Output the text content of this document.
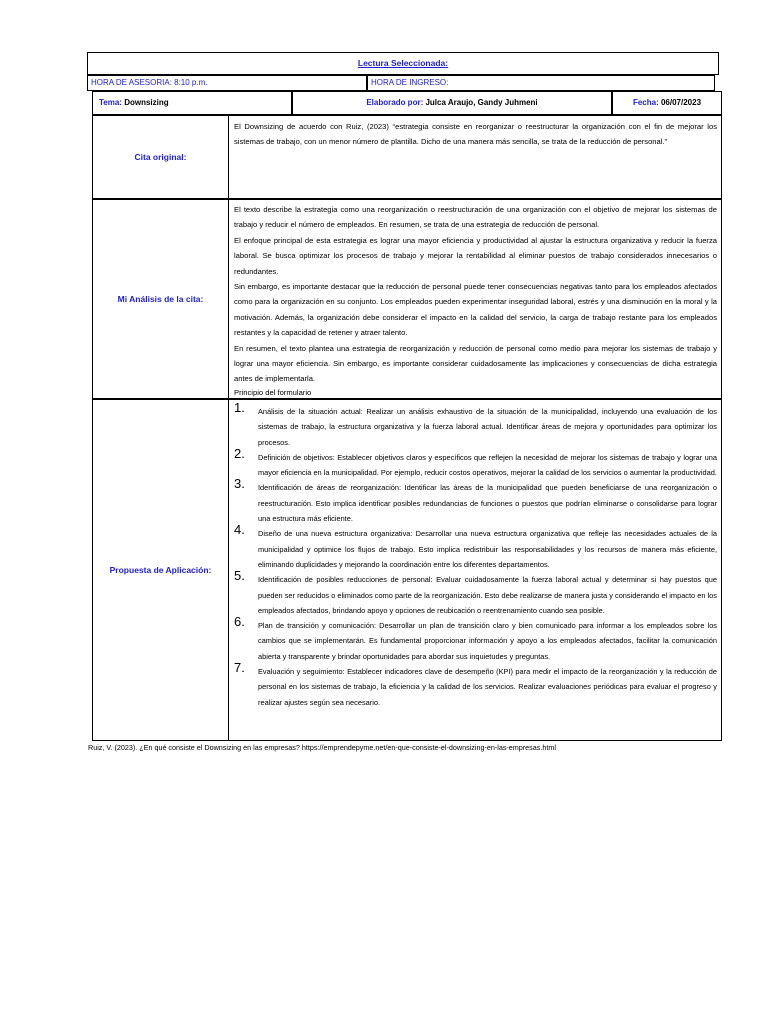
Lectura Seleccionada:
HORA DE ASESORIA: 8:10 p.m.	HORA DE INGRESO:
Tema: Downsizing	Elaborado por: Julca Araujo, Gandy Juhmeni	Fecha: 06/07/2023
Cita original:

El Downsizing de acuerdo con Ruiz, (2023) “estrategia consiste en reorganizar o reestructurar la organización con el fin de mejorar los sistemas de trabajo, con un menor número de plantilla. Dicho de una manera más sencilla, se trata de la reducción de personal.”

Mi Análisis de la cita:

El texto describe la estrategia como una reorganización o reestructuración de una organización con el objetivo de mejorar los sistemas de trabajo y reducir el número de empleados. En resumen, se trata de una estrategia de reducción de personal.

El enfoque principal de esta estrategia es lograr una mayor eficiencia y productividad al ajustar la estructura organizativa y reducir la fuerza laboral. Se busca optimizar los procesos de trabajo y mejorar la rentabilidad al eliminar puestos de trabajo considerados innecesarios o redundantes.

Sin embargo, es importante destacar que la reducción de personal puede tener consecuencias negativas tanto para los empleados afectados como para la organización en su conjunto. Los empleados pueden experimentar inseguridad laboral, estrés y una disminución en la moral y la motivación. Además, la organización debe considerar el impacto en la calidad del servicio, la carga de trabajo restante para los empleados restantes y la capacidad de retener y atraer talento.

En resumen, el texto plantea una estrategia de reorganización y reducción de personal como medio para mejorar los sistemas de trabajo y lograr una mayor eficiencia. Sin embargo, es importante considerar cuidadosamente las implicaciones y consecuencias de dicha estrategia antes de implementarla.

Principio del formulario

Propuesta de Aplicación:
1. Análisis de la situación actual: Realizar un análisis exhaustivo de la situación de la municipalidad, incluyendo una evaluación de los sistemas de trabajo, la estructura organizativa y la fuerza laboral actual. Identificar áreas de mejora y oportunidades para optimizar los procesos.
2. Definición de objetivos: Establecer objetivos claros y específicos que reflejen la necesidad de mejorar los sistemas de trabajo y lograr una mayor eficiencia en la municipalidad. Por ejemplo, reducir costos operativos, mejorar la calidad de los servicios o aumentar la productividad.
3. Identificación de áreas de reorganización: Identificar las áreas de la municipalidad que pueden beneficiarse de una reorganización o reestructuración. Esto implica identificar posibles redundancias de funciones o puestos que podrían eliminarse o consolidarse para lograr una estructura más eficiente.
4. Diseño de una nueva estructura organizativa: Desarrollar una nueva estructura organizativa que refleje las necesidades actuales de la municipalidad y optimice los flujos de trabajo. Esto implica redistribuir las responsabilidades y los recursos de manera más eficiente, eliminando duplicidades y mejorando la coordinación entre los diferentes departamentos.
5. Identificación de posibles reducciones de personal: Evaluar cuidadosamente la fuerza laboral actual y determinar si hay puestos que pueden ser reducidos o eliminados como parte de la reorganización. Esto debe realizarse de manera justa y considerando el impacto en los empleados afectados, brindando apoyo y opciones de reubicación o reentrenamiento cuando sea posible.
6. Plan de transición y comunicación: Desarrollar un plan de transición claro y bien comunicado para informar a los empleados sobre los cambios que se implementarán. Es fundamental proporcionar información y apoyo a los empleados afectados, facilitar la comunicación abierta y transparente y brindar oportunidades para abordar sus inquietudes y preguntas.
7. Evaluación y seguimiento: Establecer indicadores clave de desempeño (KPI) para medir el impacto de la reorganización y la reducción de personal en los sistemas de trabajo, la eficiencia y la calidad de los servicios. Realizar evaluaciones periódicas para evaluar el progreso y realizar ajustes según sea necesario.
Ruiz, V. (2023). ¿En qué consiste el Downsizing en las empresas? https://emprendepyme.net/en-que-consiste-el-downsizing-en-las-empresas.html
